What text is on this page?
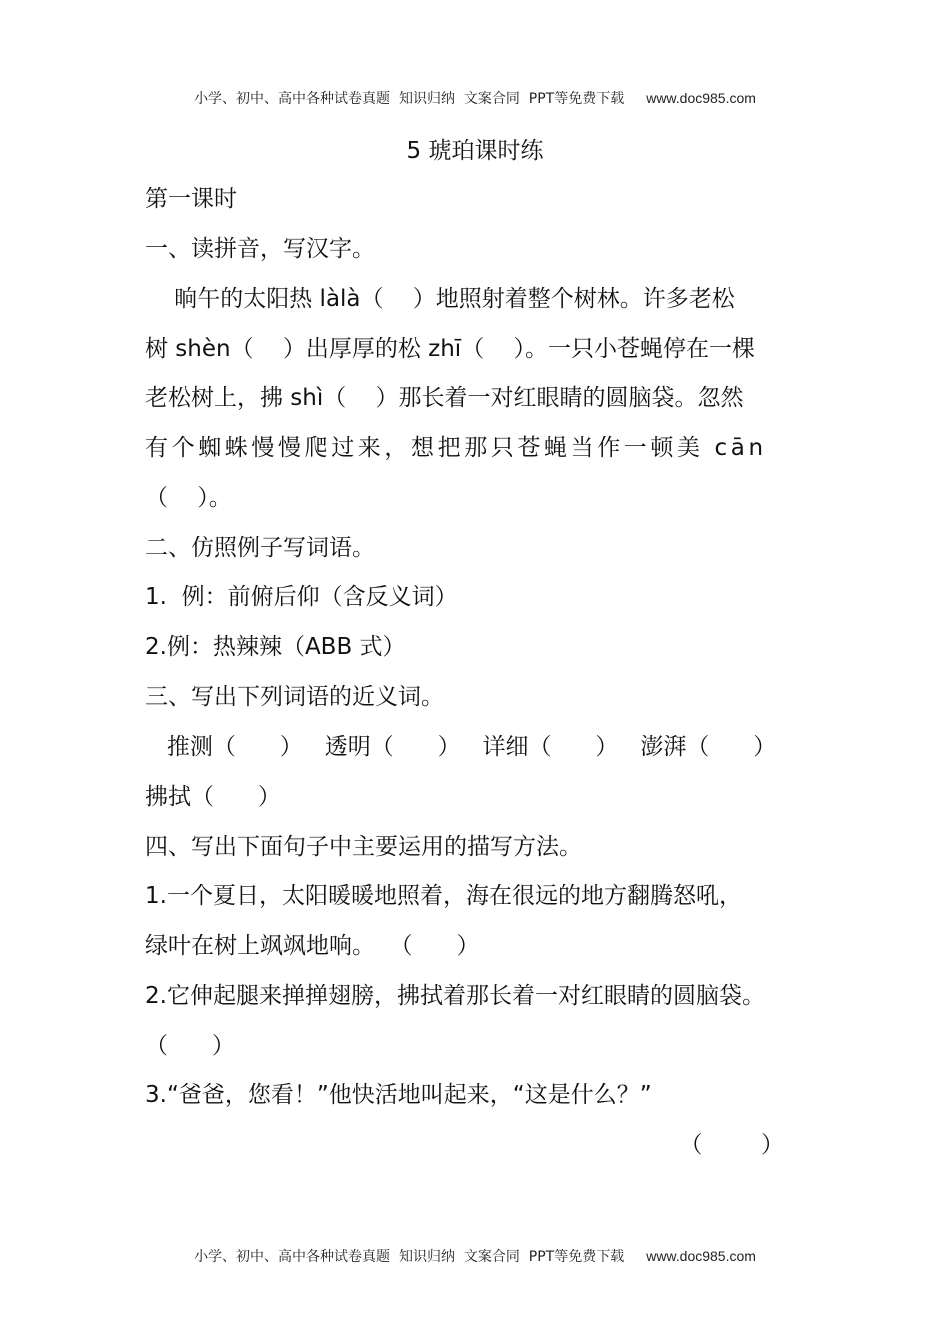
小学、初中、高中各种试卷真题  知识归纳  文案合同  PPT等免费下载 www.doc985.com
5 琥珀课时练
第一课时
一、读拼音，写汉字。
晌午的太阳热 làlà（    ）地照射着整个树林。许多老松
树 shèn（    ）出厚厚的松 zhī（    ）。一只小苍蝇停在一棵
老松树上，拂 shì（    ）那长着一对红眼睛的圆脑袋。忽然
有个蜘蛛慢慢爬过来，想把那只苍蝇当作一顿美 cān
（    ）。
二、仿照例子写词语。
1.  例：前俯后仰（含反义词）
2.例：热辣辣（ABB 式）
三、写出下列词语的近义词。
推测（      ）   透明（      ）   详细（      ）   澎湃（      ）
拂拭（      ）
四、写出下面句子中主要运用的描写方法。
1.一个夏日，太阳暖暖地照着，海在很远的地方翻腾怒吼，
绿叶在树上飒飒地响。  （      ）
2.它伸起腿来掸掸翅膀，拂拭着那长着一对红眼睛的圆脑袋。
（      ）
3.“爸爸，您看！”他快活地叫起来，“这是什么？”
（        ）
小学、初中、高中各种试卷真题  知识归纳  文案合同  PPT等免费下载 www.doc985.com
